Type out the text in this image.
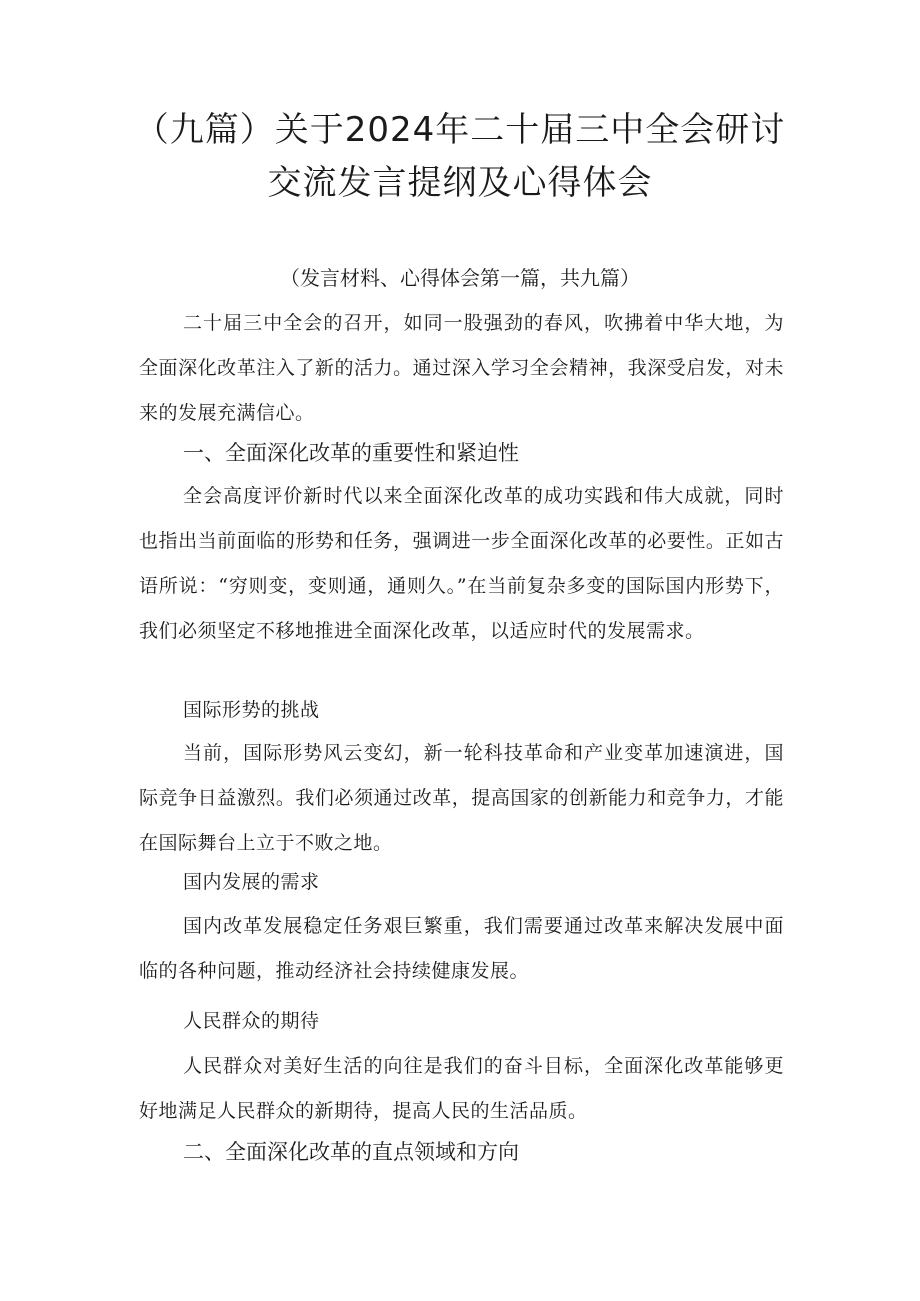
（九篇）关于2024年二十届三中全会研讨
交流发言提纲及心得体会
（发言材料、心得体会第一篇，共九篇）
二十届三中全会的召开，如同一股强劲的春风，吹拂着中华大地，为全面深化改革注入了新的活力。通过深入学习全会精神，我深受启发，对未来的发展充满信心。
一、全面深化改革的重要性和紧迫性
全会高度评价新时代以来全面深化改革的成功实践和伟大成就，同时也指出当前面临的形势和任务，强调进一步全面深化改革的必要性。正如古语所说：“穷则变，变则通，通则久。”在当前复杂多变的国际国内形势下，我们必须坚定不移地推进全面深化改革，以适应时代的发展需求。
国际形势的挑战
当前，国际形势风云变幻，新一轮科技革命和产业变革加速演进，国际竞争日益激烈。我们必须通过改革，提高国家的创新能力和竞争力，才能在国际舞台上立于不败之地。
国内发展的需求
国内改革发展稳定任务艰巨繁重，我们需要通过改革来解决发展中面临的各种问题，推动经济社会持续健康发展。
人民群众的期待
人民群众对美好生活的向往是我们的奋斗目标，全面深化改革能够更好地满足人民群众的新期待，提高人民的生活品质。
二、全面深化改革的直点领域和方向
